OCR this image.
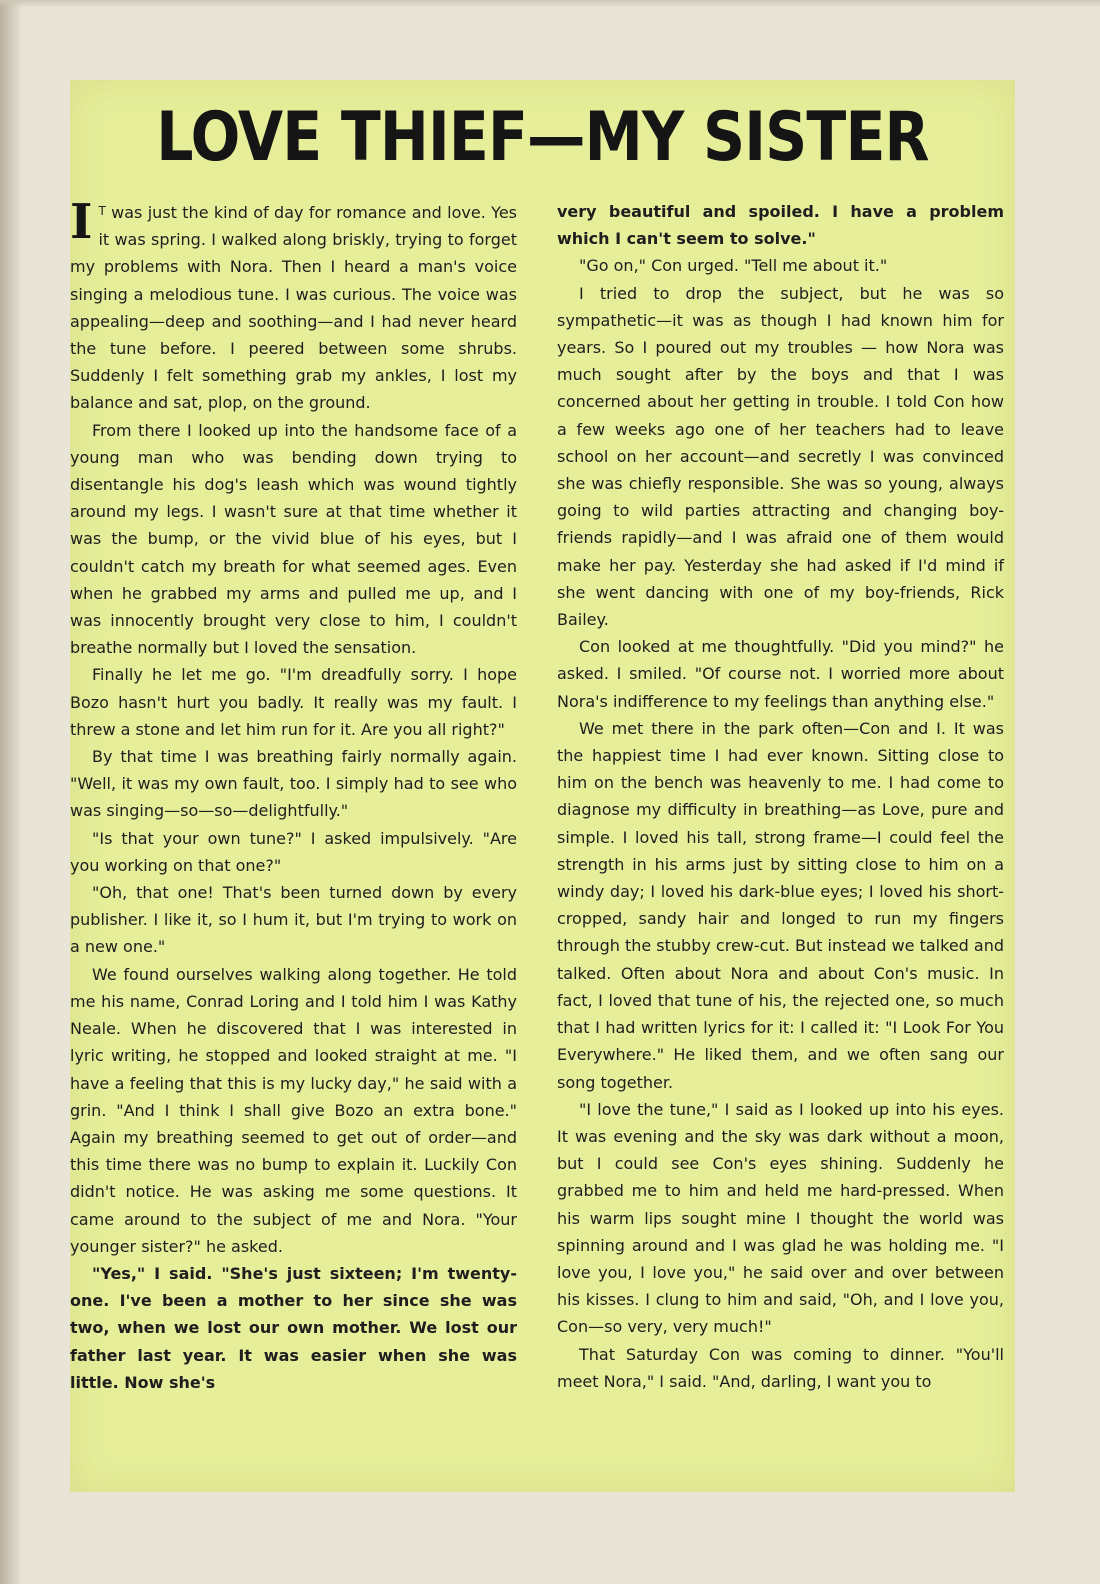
LOVE THIEF—MY SISTER

I T was just the kind of day for romance and love. Yes it was spring. I walked along briskly, trying to forget my problems with Nora. Then I heard a man's voice singing a melodious tune. I was curious. The voice was appealing—deep and soothing—and I had never heard the tune before. I peered between some shrubs. Suddenly I felt something grab my ankles, I lost my balance and sat, plop, on the ground.

From there I looked up into the handsome face of a young man who was bending down trying to disentangle his dog's leash which was wound tightly around my legs. I wasn't sure at that time whether it was the bump, or the vivid blue of his eyes, but I couldn't catch my breath for what seemed ages. Even when he grabbed my arms and pulled me up, and I was innocently brought very close to him, I couldn't breathe normally but I loved the sensation.

Finally he let me go. "I'm dreadfully sorry. I hope Bozo hasn't hurt you badly. It really was my fault. I threw a stone and let him run for it. Are you all right?"

By that time I was breathing fairly normally again. "Well, it was my own fault, too. I simply had to see who was singing—so—so—delightfully."

"Is that your own tune?" I asked impulsively. "Are you working on that one?"

"Oh, that one! That's been turned down by every publisher. I like it, so I hum it, but I'm trying to work on a new one."

We found ourselves walking along together. He told me his name, Conrad Loring and I told him I was Kathy Neale. When he discovered that I was interested in lyric writing, he stopped and looked straight at me. "I have a feeling that this is my lucky day," he said with a grin. "And I think I shall give Bozo an extra bone." Again my breathing seemed to get out of order—and this time there was no bump to explain it. Luckily Con didn't notice. He was asking me some questions. It came around to the subject of me and Nora. "Your younger sister?" he asked.

"Yes," I said. "She's just sixteen; I'm twenty-one. I've been a mother to her since she was two, when we lost our own mother. We lost our father last year. It was easier when she was little. Now she's

very beautiful and spoiled. I have a problem which I can't seem to solve."

"Go on," Con urged. "Tell me about it."

I tried to drop the subject, but he was so sympathetic—it was as though I had known him for years. So I poured out my troubles — how Nora was much sought after by the boys and that I was concerned about her getting in trouble. I told Con how a few weeks ago one of her teachers had to leave school on her account—and secretly I was convinced she was chiefly responsible. She was so young, always going to wild parties attracting and changing boy-friends rapidly—and I was afraid one of them would make her pay. Yesterday she had asked if I'd mind if she went dancing with one of my boy-friends, Rick Bailey.

Con looked at me thoughtfully. "Did you mind?" he asked. I smiled. "Of course not. I worried more about Nora's indifference to my feelings than anything else."

We met there in the park often—Con and I. It was the happiest time I had ever known. Sitting close to him on the bench was heavenly to me. I had come to diagnose my difficulty in breathing—as Love, pure and simple. I loved his tall, strong frame—I could feel the strength in his arms just by sitting close to him on a windy day; I loved his dark-blue eyes; I loved his short-cropped, sandy hair and longed to run my fingers through the stubby crew-cut. But instead we talked and talked. Often about Nora and about Con's music. In fact, I loved that tune of his, the rejected one, so much that I had written lyrics for it: I called it: "I Look For You Everywhere." He liked them, and we often sang our song together.

"I love the tune," I said as I looked up into his eyes. It was evening and the sky was dark without a moon, but I could see Con's eyes shining. Suddenly he grabbed me to him and held me hard-pressed. When his warm lips sought mine I thought the world was spinning around and I was glad he was holding me. "I love you, I love you," he said over and over between his kisses. I clung to him and said, "Oh, and I love you, Con—so very, very much!"

That Saturday Con was coming to dinner. "You'll meet Nora," I said. "And, darling, I want you to
